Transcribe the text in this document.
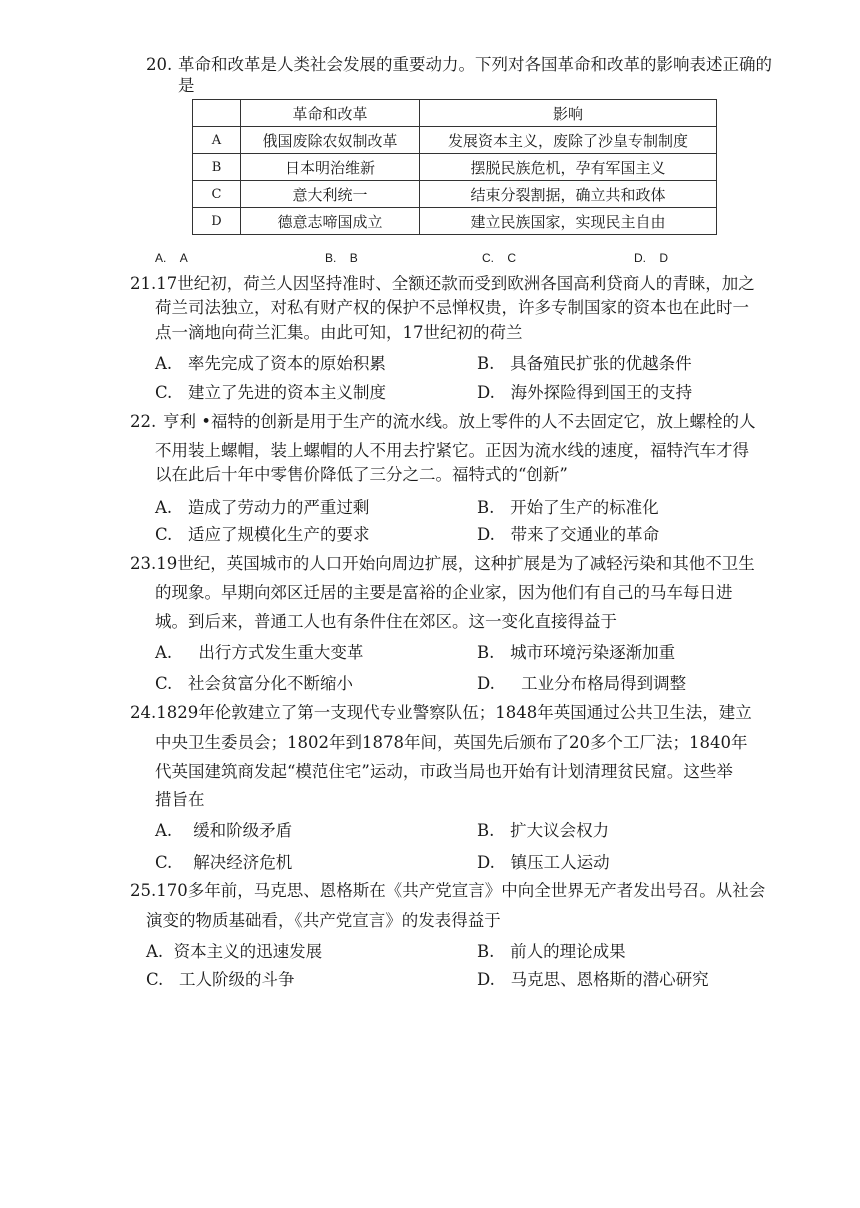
20. 革命和改革是人类社会发展的重要动力。下列对各国革命和改革的影响表述正确的
是
	革命和改革	影响
A	俄国废除农奴制改革	发展资本主义，废除了沙皇专制制度
B	日本明治维新	摆脱民族危机，孕有军国主义
C	意大利统一	结束分裂割据，确立共和政体
D	德意志啼国成立	建立民族国家，实现民主自由
A. A	B. B	C. C	D. D
21.17世纪初，荷兰人因坚持准时、全额还款而受到欧洲各国高利贷商人的青睐，加之
荷兰司法独立，对私有财产权的保护不忌惮权贵，许多专制国家的资本也在此时一
点一滴地向荷兰汇集。由此可知，17世纪初的荷兰
A. 率先完成了资本的原始积累	B. 具备殖民扩张的优越条件
C. 建立了先进的资本主义制度	D. 海外探险得到国王的支持
22. 亨利 •福特的创新是用于生产的流水线。放上零件的人不去固定它，放上螺栓的人
不用装上螺帽，装上螺帽的人不用去拧紧它。正因为流水线的速度，福特汽车才得
以在此后十年中零售价降低了三分之二。福特式的“创新”
A. 造成了劳动力的严重过剩	B. 开始了生产的标准化
C. 适应了规模化生产的要求	D. 带来了交通业的革命
23.19世纪，英国城市的人口开始向周边扩展，这种扩展是为了减轻污染和其他不卫生
的现象。早期向郊区迁居的主要是富裕的企业家，因为他们有自己的马车每日进
城。到后来，普通工人也有条件住在郊区。这一变化直接得益于
A. 出行方式发生重大变革	B. 城市环境污染逐渐加重
C. 社会贫富分化不断缩小	D. 工业分布格局得到调整
24.1829年伦敦建立了第一支现代专业警察队伍；1848年英国通过公共卫生法，建立
中央卫生委员会；1802年到1878年间，英国先后颁布了20多个工厂法；1840年
代英国建筑商发起“模范住宅”运动，市政当局也开始有计划清理贫民窟。这些举
措旨在
A. 缓和阶级矛盾	B. 扩大议会权力
C. 解决经济危机	D. 镇压工人运动
25.170多年前，马克思、恩格斯在《共产党宣言》中向全世界无产者发出号召。从社会
演变的物质基础看，《共产党宣言》的发表得益于
A. 资本主义的迅速发展	B. 前人的理论成果
C. 工人阶级的斗争	D. 马克思、恩格斯的潜心研究
